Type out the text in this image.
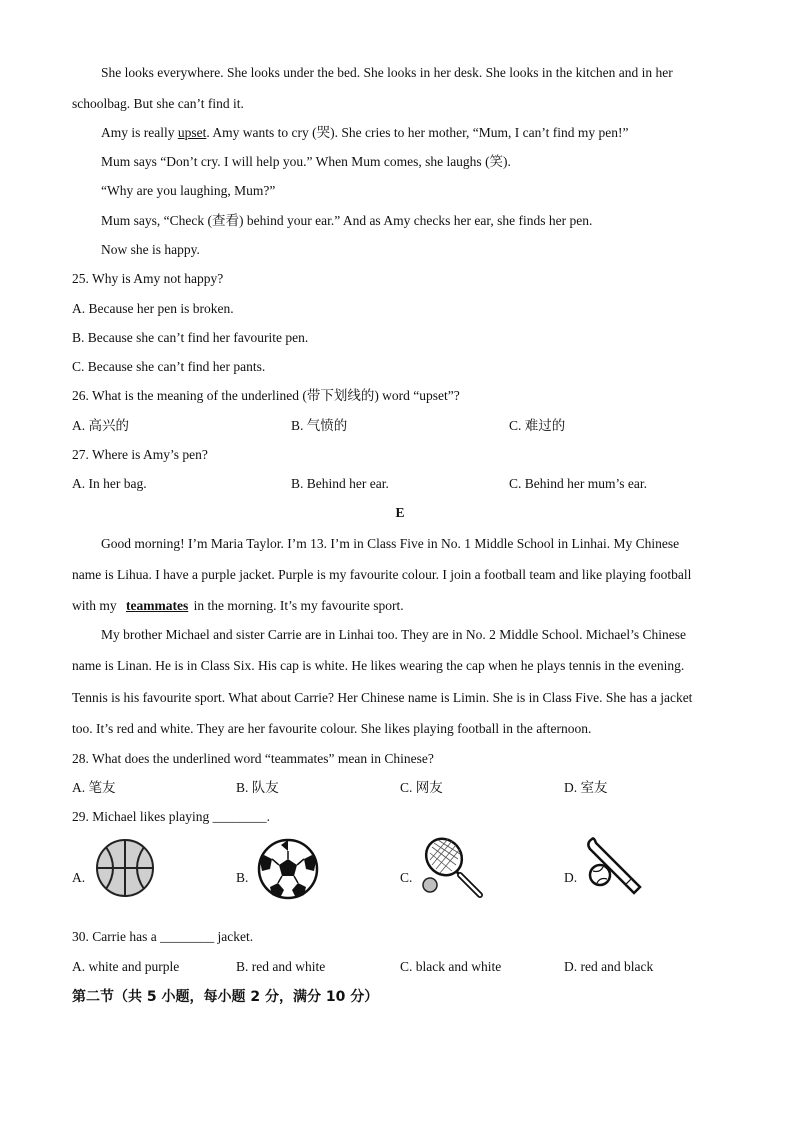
She looks everywhere. She looks under the bed. She looks in her desk. She looks in the kitchen and in her
schoolbag. But she can’t find it.
Amy is really upset. Amy wants to cry (哭). She cries to her mother, “Mum, I can’t find my pen!”
Mum says “Don’t cry. I will help you.” When Mum comes, she laughs (笑).
“Why are you laughing, Mum?”
Mum says, “Check (查看) behind your ear.” And as Amy checks her ear, she finds her pen.
Now she is happy.
25. Why is Amy not happy?
A. Because her pen is broken.
B. Because she can’t find her favourite pen.
C. Because she can’t find her pants.
26. What is the meaning of the underlined (带下划线的) word “upset”?
A. 高兴的	B. 气愤的	C. 难过的
27. Where is Amy’s pen?
A. In her bag.	B. Behind her ear.	C. Behind her mum’s ear.
E
Good morning! I’m Maria Taylor. I’m 13. I’m in Class Five in No. 1 Middle School in Linhai. My Chinese
name is Lihua. I have a purple jacket. Purple is my favourite colour. I join a football team and like playing football
with my teammates in the morning. It’s my favourite sport.
My brother Michael and sister Carrie are in Linhai too. They are in No. 2 Middle School. Michael’s Chinese
name is Linan. He is in Class Six. His cap is white. He likes wearing the cap when he plays tennis in the evening.
Tennis is his favourite sport. What about Carrie? Her Chinese name is Limin. She is in Class Five. She has a jacket
too. It’s red and white. They are her favourite colour. She likes playing football in the afternoon.
28. What does the underlined word “teammates” mean in Chinese?
A. 笔友	B. 队友	C. 网友	D. 室友
29. Michael likes playing ________.
A.	B.	C.	D.
30. Carrie has a ________ jacket.
A. white and purple	B. red and white	C. black and white	D. red and black
第二节（共 5 小题，每小题 2 分，满分 10 分）
